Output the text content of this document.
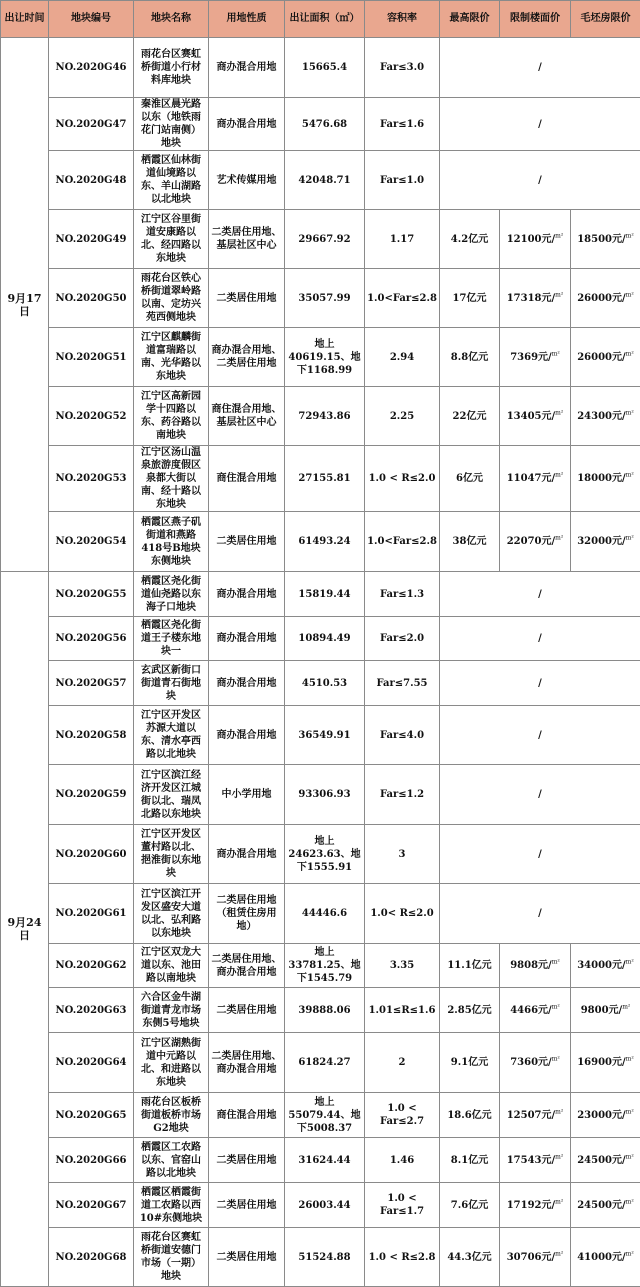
出让时间	地块编号	地块名称	用地性质	出让面积（㎡）	容积率	最高限价	限制楼面价	毛坯房限价
9月17日	NO.2020G46	雨花台区赛虹桥街道小行材料库地块	商办混合用地	15665.4	Far≤3.0	/		
	NO.2020G47	秦淮区晨光路以东（地铁雨花门站南侧）地块	商办混合用地	5476.68	Far≤1.6	/		
	NO.2020G48	栖霞区仙林街道仙境路以东、羊山湖路以北地块	艺术传媒用地	42048.71	Far≤1.0	/		
	NO.2020G49	江宁区谷里街道安康路以北、经四路以东地块	二类居住用地、基层社区中心	29667.92	1.17	4.2亿元	12100元/$^{m^2}$	18500元/$^{m^2}$
	NO.2020G50	雨花台区铁心桥街道翠岭路以南、定坊兴苑西侧地块	二类居住用地	35057.99	1.0<Far≤2.8	17亿元	17318元/$^{m^2}$	26000元/$^{m^2}$
	NO.2020G51	江宁区麒麟街道富瑞路以南、光华路以东地块	商办混合用地、二类居住用地	地上40619.15、地下1168.99	2.94	8.8亿元	7369元/$^{m^2}$	26000元/$^{m^2}$
	NO.2020G52	江宁区高新园学十四路以东、药谷路以南地块	商住混合用地、基层社区中心	72943.86	2.25	22亿元	13405元/$^{m^2}$	24300元/$^{m^2}$
	NO.2020G53	江宁区汤山温泉旅游度假区泉都大街以南、经十路以东地块	商住混合用地	27155.81	1.0 < R≤2.0	6亿元	11047元/$^{m^2}$	18000元/$^{m^2}$
	NO.2020G54	栖霞区燕子矶街道和燕路418号B地块东侧地块	二类居住用地	61493.24	1.0<Far≤2.8	38亿元	22070元/$^{m^2}$	32000元/$^{m^2}$
9月24日	NO.2020G55	栖霞区尧化街道仙尧路以东海子口地块	商办混合用地	15819.44	Far≤1.3	/		
	NO.2020G56	栖霞区尧化街道王子楼东地块一	商办混合用地	10894.49	Far≤2.0	/		
	NO.2020G57	玄武区新街口街道青石街地块	商办混合用地	4510.53	Far≤7.55	/		
	NO.2020G58	江宁区开发区苏源大道以东、清水亭西路以北地块	商办混合用地	36549.91	Far≤4.0	/		
	NO.2020G59	江宁区滨江经济开发区江城街以北、瑞凤北路以东地块	中小学用地	93306.93	Far≤1.2	/		
	NO.2020G60	江宁区开发区董村路以北、挹淮街以东地块	商办混合用地	地上24623.63、地下1555.91	3	/		
	NO.2020G61	江宁区滨江开发区盛安大道以北、弘利路以东地块	二类居住用地（租赁住房用地）	44446.6	1.0< R≤2.0	/		
	NO.2020G62	江宁区双龙大道以东、池田路以南地块	二类居住用地、商办混合用地	地上33781.25、地下1545.79	3.35	11.1亿元	9808元/$^{m^2}$	34000元/$^{m^2}$
	NO.2020G63	六合区金牛湖街道青龙市场东侧5号地块	二类居住用地	39888.06	1.01≤R≤1.6	2.85亿元	4466元/$^{m^2}$	9800元/$^{m^2}$
	NO.2020G64	江宁区湖熟街道中元路以北、和进路以东地块	二类居住用地、商办混合用地	61824.27	2	9.1亿元	7360元/$^{m^2}$	16900元/$^{m^2}$
	NO.2020G65	雨花台区板桥街道板桥市场G2地块	商住混合用地	地上55079.44、地下5008.37	1.0 < Far≤2.7	18.6亿元	12507元/$^{m^2}$	23000元/$^{m^2}$
	NO.2020G66	栖霞区工农路以东、官窑山路以北地块	二类居住用地	31624.44	1.46	8.1亿元	17543元/$^{m^2}$	24500元/$^{m^2}$
	NO.2020G67	栖霞区栖霞街道工农路以西10#东侧地块	二类居住用地	26003.44	1.0 < Far≤1.7	7.6亿元	17192元/$^{m^2}$	24500元/$^{m^2}$
	NO.2020G68	雨花台区赛虹桥街道安德门市场（一期）地块	二类居住用地	51524.88	1.0 < R≤2.8	44.3亿元	30706元/$^{m^2}$	41000元/$^{m^2}$
